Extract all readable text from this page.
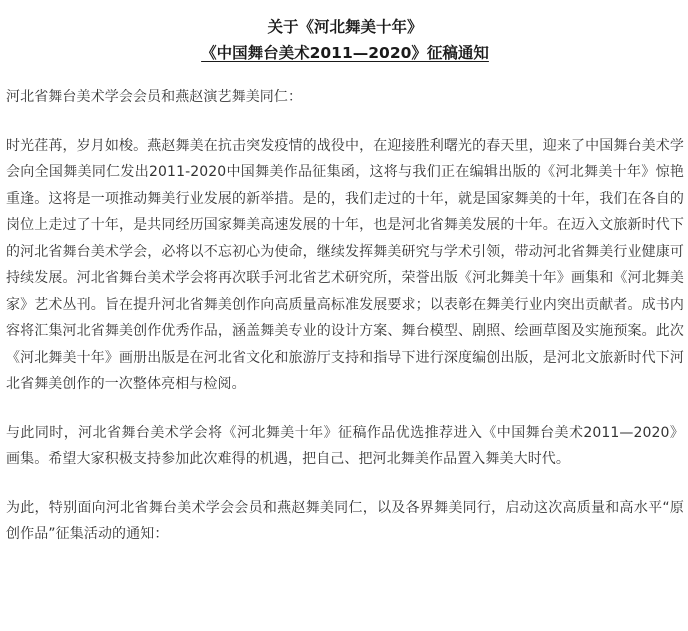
关于《河北舞美十年》
《中国舞台美术2011—2020》征稿通知

河北省舞台美术学会会员和燕赵演艺舞美同仁：

时光荏苒，岁月如梭。燕赵舞美在抗击突发疫情的战役中，在迎接胜利曙光的春天里，迎来了中国舞台美术学会向全国舞美同仁发出2011-2020中国舞美作品征集函，这将与我们正在编辑出版的《河北舞美十年》惊艳重逢。这将是一项推动舞美行业发展的新举措。是的，我们走过的十年，就是国家舞美的十年，我们在各自的岗位上走过了十年，是共同经历国家舞美高速发展的十年，也是河北省舞美发展的十年。在迈入文旅新时代下的河北省舞台美术学会，必将以不忘初心为使命，继续发挥舞美研究与学术引领，带动河北省舞美行业健康可持续发展。河北省舞台美术学会将再次联手河北省艺术研究所，荣誉出版《河北舞美十年》画集和《河北舞美家》艺术丛刊。旨在提升河北省舞美创作向高质量高标准发展要求；以表彰在舞美行业内突出贡献者。成书内容将汇集河北省舞美创作优秀作品，涵盖舞美专业的设计方案、舞台模型、剧照、绘画草图及实施预案。此次《河北舞美十年》画册出版是在河北省文化和旅游厅支持和指导下进行深度编创出版，是河北文旅新时代下河北省舞美创作的一次整体亮相与检阅。

与此同时，河北省舞台美术学会将《河北舞美十年》征稿作品优选推荐进入《中国舞台美术2011—2020》画集。希望大家积极支持参加此次难得的机遇，把自己、把河北舞美作品置入舞美大时代。

为此，特别面向河北省舞台美术学会会员和燕赵舞美同仁，以及各界舞美同行，启动这次高质量和高水平“原创作品”征集活动的通知：
